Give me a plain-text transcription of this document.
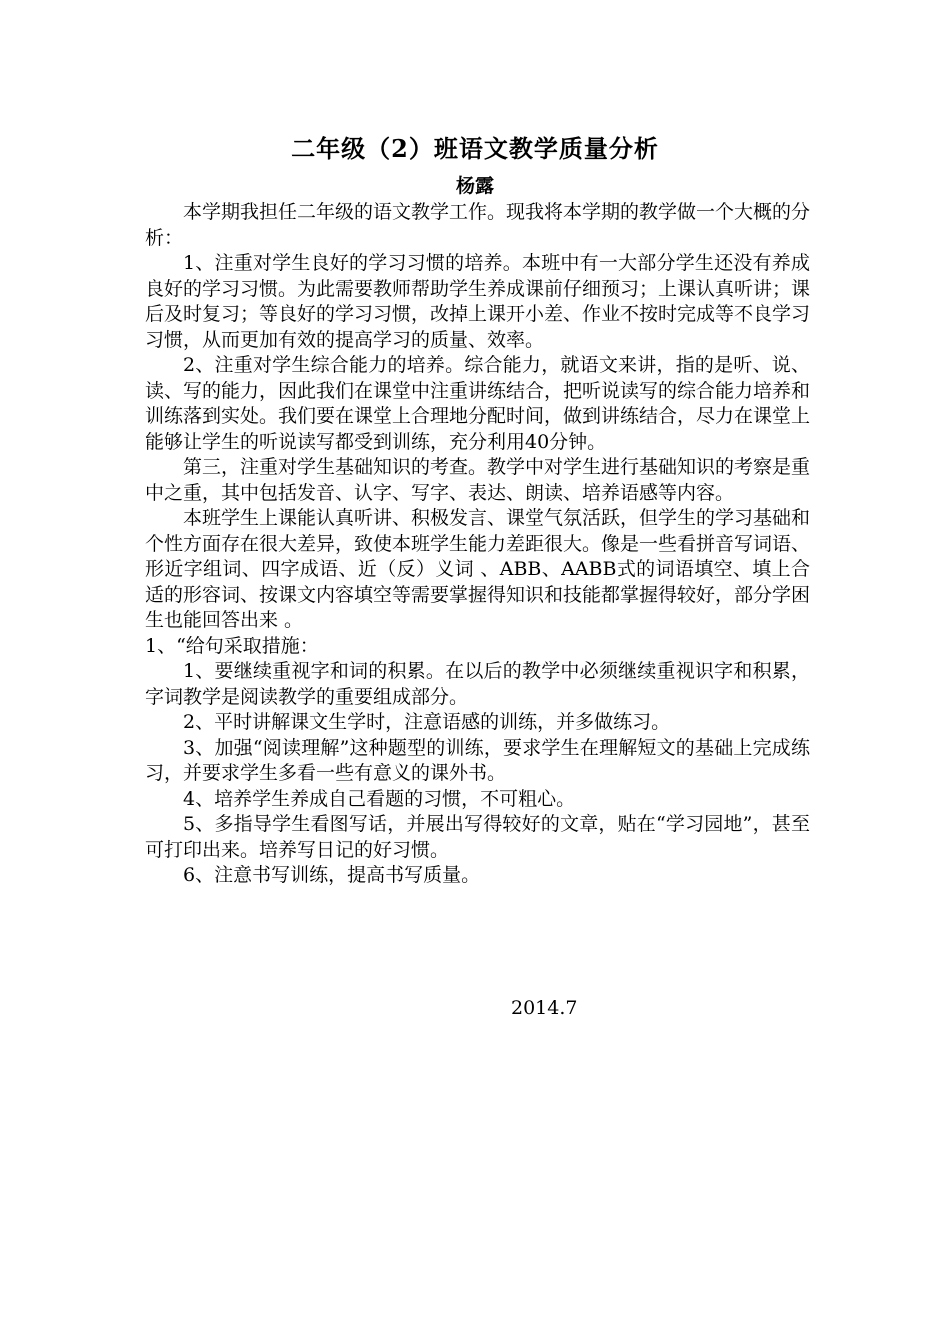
二年级（2）班语文教学质量分析
杨露

本学期我担任二年级的语文教学工作。现我将本学期的教学做一个大概的分析：

1、注重对学生良好的学习习惯的培养。本班中有一大部分学生还没有养成良好的学习习惯。为此需要教师帮助学生养成课前仔细预习；上课认真听讲；课后及时复习；等良好的学习习惯，改掉上课开小差、作业不按时完成等不良学习习惯，从而更加有效的提高学习的质量、效率。

2、注重对学生综合能力的培养。综合能力，就语文来讲，指的是听、说、读、写的能力，因此我们在课堂中注重讲练结合，把听说读写的综合能力培养和训练落到实处。我们要在课堂上合理地分配时间，做到讲练结合，尽力在课堂上能够让学生的听说读写都受到训练，充分利用40分钟。

第三，注重对学生基础知识的考查。教学中对学生进行基础知识的考察是重中之重，其中包括发音、认字、写字、表达、朗读、培养语感等内容。

本班学生上课能认真听讲、积极发言、课堂气氛活跃，但学生的学习基础和个性方面存在很大差异，致使本班学生能力差距很大。像是一些看拼音写词语、形近字组词、四字成语、近（反）义词 、ABB、AABB式的词语填空、填上合适的形容词、按课文内容填空等需要掌握得知识和技能都掌握得较好，部分学困生也能回答出来 。

1、“给句采取措施：

1、要继续重视字和词的积累。在以后的教学中必须继续重视识字和积累，字词教学是阅读教学的重要组成部分。

2、平时讲解课文生学时，注意语感的训练，并多做练习。

3、加强“阅读理解”这种题型的训练，要求学生在理解短文的基础上完成练习，并要求学生多看一些有意义的课外书。

4、培养学生养成自己看题的习惯，不可粗心。

5、多指导学生看图写话，并展出写得较好的文章，贴在“学习园地”，甚至可打印出来。培养写日记的好习惯。

6、注意书写训练，提高书写质量。

2014.7
